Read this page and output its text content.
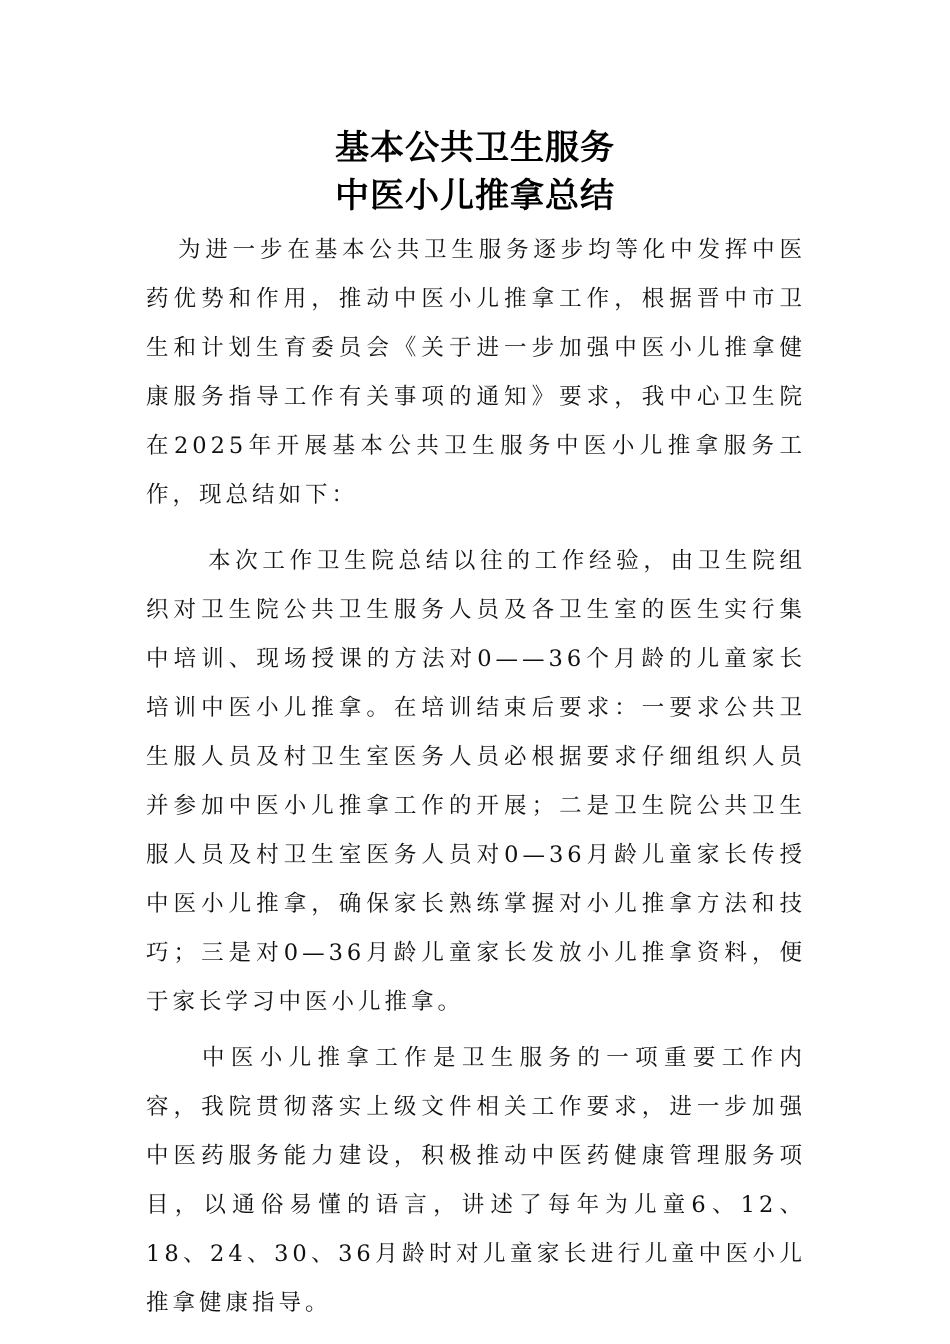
基本公共卫生服务
中医小儿推拿总结

为进一步在基本公共卫生服务逐步均等化中发挥中医药优势和作用，推动中医小儿推拿工作，根据晋中市卫生和计划生育委员会《关于进一步加强中医小儿推拿健康服务指导工作有关事项的通知》要求，我中心卫生院在2025年开展基本公共卫生服务中医小儿推拿服务工作，现总结如下：

本次工作卫生院总结以往的工作经验，由卫生院组织对卫生院公共卫生服务人员及各卫生室的医生实行集中培训、现场授课的方法对0——36个月龄的儿童家长培训中医小儿推拿。在培训结束后要求：一要求公共卫生服人员及村卫生室医务人员必根据要求仔细组织人员并参加中医小儿推拿工作的开展；二是卫生院公共卫生服人员及村卫生室医务人员对0—36月龄儿童家长传授中医小儿推拿，确保家长熟练掌握对小儿推拿方法和技巧；三是对0—36月龄儿童家长发放小儿推拿资料，便于家长学习中医小儿推拿。

中医小儿推拿工作是卫生服务的一项重要工作内容，我院贯彻落实上级文件相关工作要求，进一步加强中医药服务能力建设，积极推动中医药健康管理服务项目，以通俗易懂的语言，讲述了每年为儿童6、12、18、24、30、36月龄时对儿童家长进行儿童中医小儿推拿健康指导。
